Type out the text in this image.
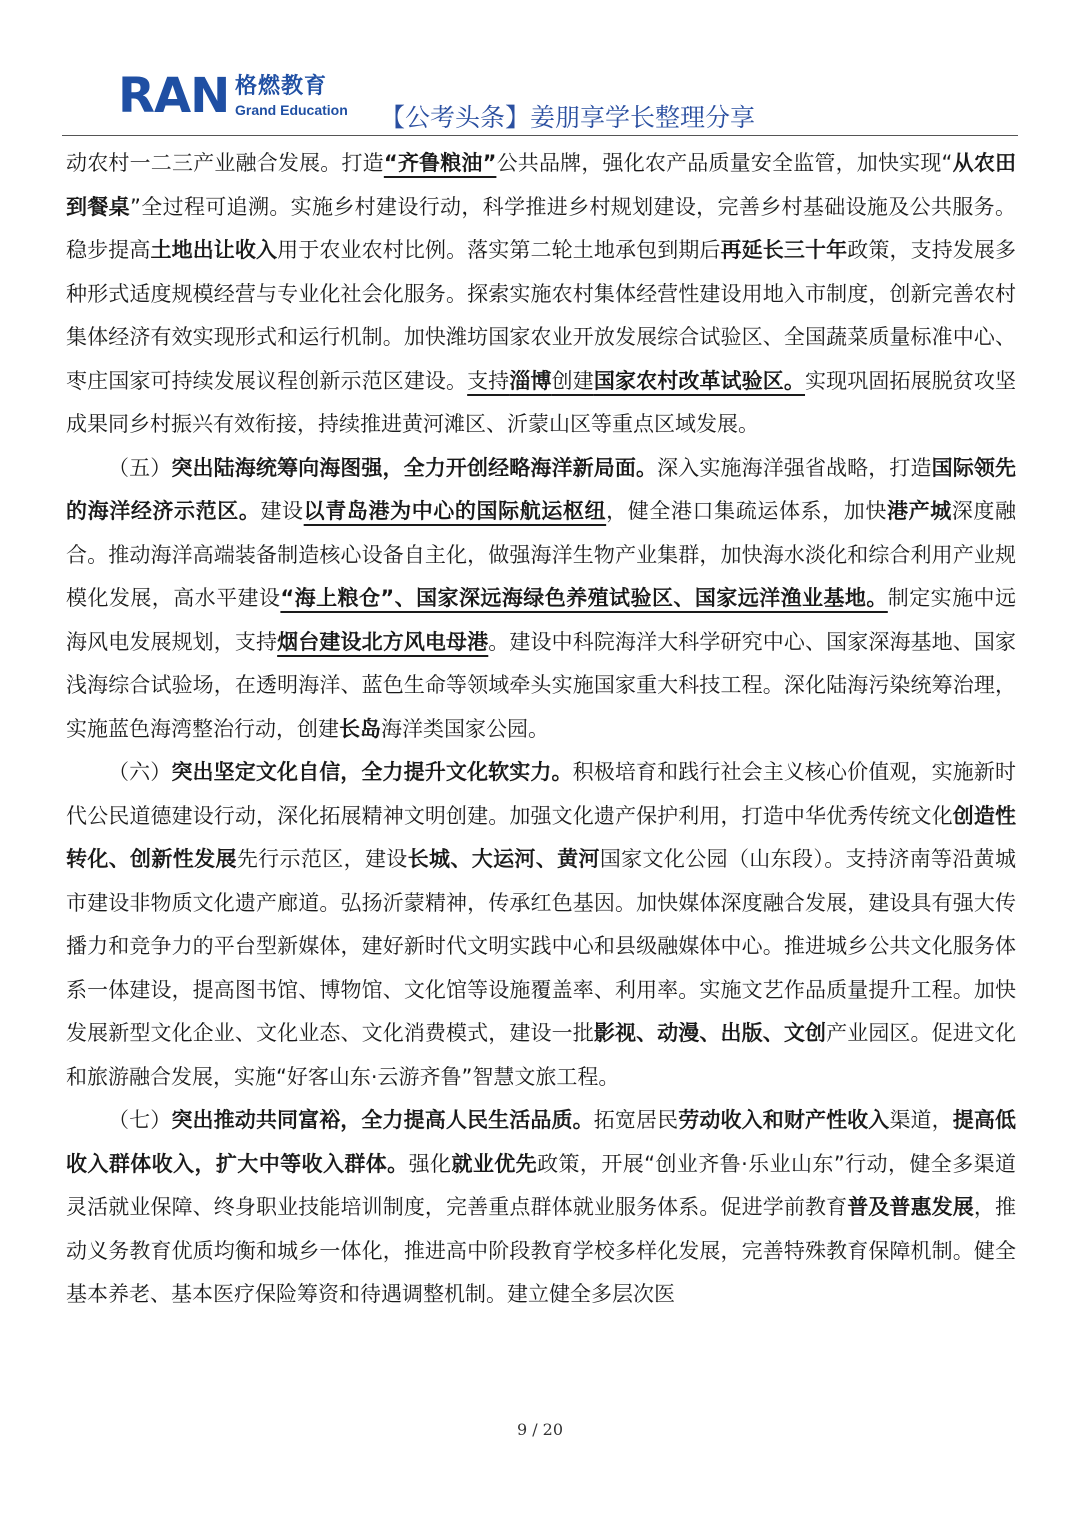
RAN 格燃教育
Grand Education 【公考头条】姜朋享学长整理分享

动农村一二三产业融合发展。打造“齐鲁粮油”公共品牌，强化农产品质量安全监管，加快实现“从农田到餐桌”全过程可追溯。实施乡村建设行动，科学推进乡村规划建设，完善乡村基础设施及公共服务。稳步提高土地出让收入用于农业农村比例。落实第二轮土地承包到期后再延长三十年政策，支持发展多种形式适度规模经营与专业化社会化服务。探索实施农村集体经营性建设用地入市制度，创新完善农村集体经济有效实现形式和运行机制。加快潍坊国家农业开放发展综合试验区、全国蔬菜质量标准中心、枣庄国家可持续发展议程创新示范区建设。支持淄博创建国家农村改革试验区。实现巩固拓展脱贫攻坚成果同乡村振兴有效衔接，持续推进黄河滩区、沂蒙山区等重点区域发展。

（五）突出陆海统筹向海图强，全力开创经略海洋新局面。深入实施海洋强省战略，打造国际领先的海洋经济示范区。建设以青岛港为中心的国际航运枢纽，健全港口集疏运体系，加快港产城深度融合。推动海洋高端装备制造核心设备自主化，做强海洋生物产业集群，加快海水淡化和综合利用产业规模化发展，高水平建设“海上粮仓”、国家深远海绿色养殖试验区、国家远洋渔业基地。制定实施中远海风电发展规划，支持烟台建设北方风电母港。建设中科院海洋大科学研究中心、国家深海基地、国家浅海综合试验场，在透明海洋、蓝色生命等领域牵头实施国家重大科技工程。深化陆海污染统筹治理，实施蓝色海湾整治行动，创建长岛海洋类国家公园。

（六）突出坚定文化自信，全力提升文化软实力。积极培育和践行社会主义核心价值观，实施新时代公民道德建设行动，深化拓展精神文明创建。加强文化遗产保护利用，打造中华优秀传统文化创造性转化、创新性发展先行示范区，建设长城、大运河、黄河国家文化公园（山东段）。支持济南等沿黄城市建设非物质文化遗产廊道。弘扬沂蒙精神，传承红色基因。加快媒体深度融合发展，建设具有强大传播力和竞争力的平台型新媒体，建好新时代文明实践中心和县级融媒体中心。推进城乡公共文化服务体系一体建设，提高图书馆、博物馆、文化馆等设施覆盖率、利用率。实施文艺作品质量提升工程。加快发展新型文化企业、文化业态、文化消费模式，建设一批影视、动漫、出版、文创产业园区。促进文化和旅游融合发展，实施“好客山东·云游齐鲁”智慧文旅工程。

（七）突出推动共同富裕，全力提高人民生活品质。拓宽居民劳动收入和财产性收入渠道，提高低收入群体收入，扩大中等收入群体。强化就业优先政策，开展“创业齐鲁·乐业山东”行动，健全多渠道灵活就业保障、终身职业技能培训制度，完善重点群体就业服务体系。促进学前教育普及普惠发展，推动义务教育优质均衡和城乡一体化，推进高中阶段教育学校多样化发展，完善特殊教育保障机制。健全基本养老、基本医疗保险筹资和待遇调整机制。建立健全多层次医

9 / 20
